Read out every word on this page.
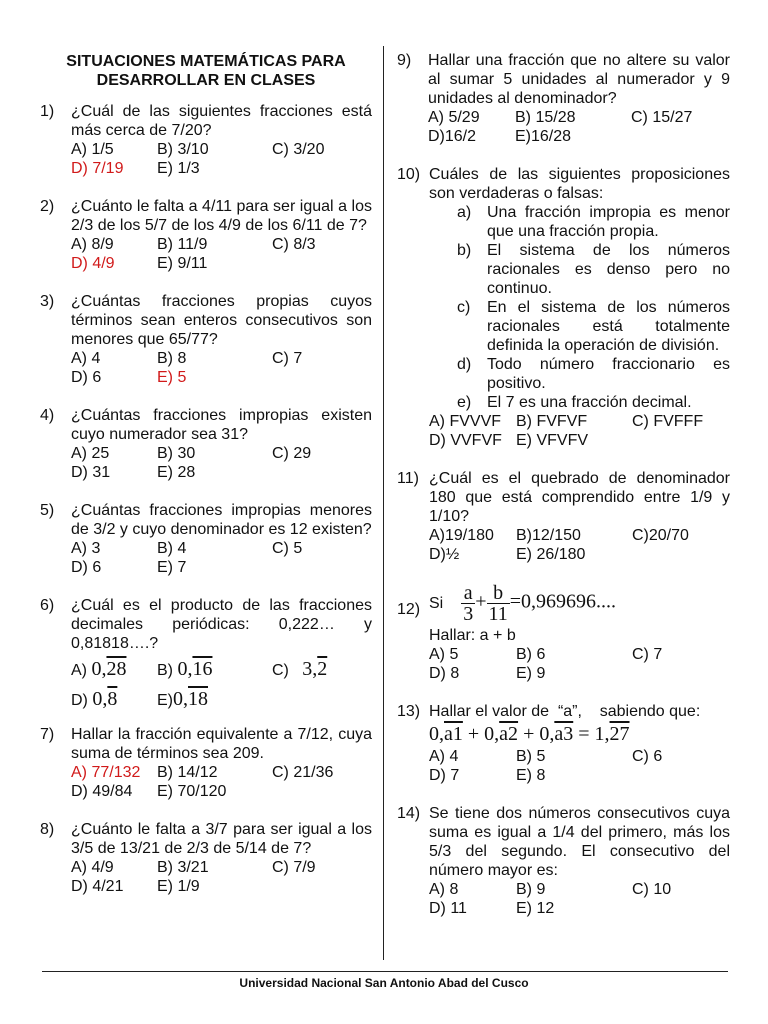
SITUACIONES MATEMÁTICAS PARA
DESARROLLAR EN CLASES
1) ¿Cuál de las siguientes fracciones está más cerca de 7/20?
A) 1/5	B) 3/10	C) 3/20
D) 7/19	E) 1/3
2) ¿Cuánto le falta a 4/11 para ser igual a los 2/3 de los 5/7 de los 4/9 de los 6/11 de 7?
A) 8/9	B) 11/9	C) 8/3
D) 4/9	E) 9/11
3) ¿Cuántas fracciones propias cuyos términos sean enteros consecutivos son menores que 65/77?
A) 4	B) 8	C) 7
D) 6	E) 5
4) ¿Cuántas fracciones impropias existen cuyo numerador sea 31?
A) 25	B) 30	C) 29
D) 31	E) 28
5) ¿Cuántas fracciones impropias menores de 3/2 y cuyo denominador es 12 existen?
A) 3	B) 4	C) 5
D) 6	E) 7
6) ¿Cuál es el producto de las fracciones decimales periódicas: 0,222… y 0,81818….?
A) 0,28	B) 0,16	C) 3,2
D) 0,8	E)0,18
7) Hallar la fracción equivalente a 7/12, cuya suma de términos sea 209.
A) 77/132	B) 14/12	C) 21/36
D) 49/84	E) 70/120
8) ¿Cuánto le falta a 3/7 para ser igual a los 3/5 de 13/21 de 2/3 de 5/14 de 7?
A) 4/9	B) 3/21	C) 7/9
D) 4/21	E) 1/9
9) Hallar una fracción que no altere su valor al sumar 5 unidades al numerador y 9 unidades al denominador?
A) 5/29	B) 15/28	C) 15/27
D)16/2	E)16/28
10) Cuáles de las siguientes proposiciones son verdaderas o falsas:
a) Una fracción impropia es menor que una fracción propia.
b) El sistema de los números racionales es denso pero no continuo.
c) En el sistema de los números racionales está totalmente definida la operación de división.
d) Todo número fraccionario es positivo.
e) El 7 es una fracción decimal.
A) FVVVF B) FVFVF	C) FVFFF
D) VVFVF E) VFVFV
11) ¿Cuál es el quebrado de denominador 180 que está comprendido entre 1/9 y 1/10?
A)19/180	B)12/150	C)20/70
D)½	E) 26/180
12) Si $\frac{a}{3} + \frac{b}{11} =0,969696$....
Hallar: a + b
A) 5	B) 6	C) 7
D) 8	E) 9
13) Hallar el valor de  “a”,    sabiendo que:
0,a1 + 0,a2 + 0,a3 = 1,27
A) 4	B) 5	C) 6
D) 7	E) 8
14) Se tiene dos números consecutivos cuya suma es igual a 1/4 del primero, más los 5/3 del segundo. El consecutivo del número mayor es:
A) 8	B) 9	C) 10
D) 11	E) 12
Universidad Nacional San Antonio Abad del Cusco
